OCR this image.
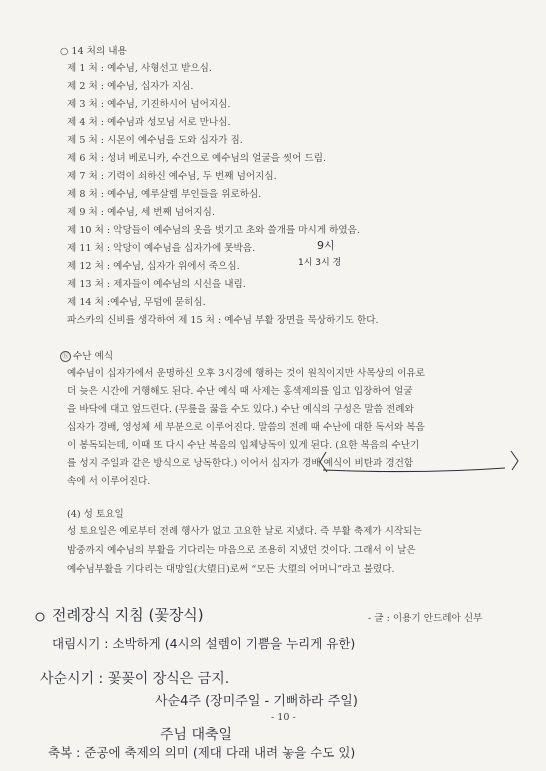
○ 14 처의 내용
제 1 처 : 예수님, 사형선고 받으심.
제 2 처 : 예수님, 십자가 지심.
제 3 처 : 예수님, 기진하시어 넘어지심.
제 4 처 : 예수님과 성모님 서로 만나심.
제 5 처 : 시몬이 예수님을 도와 십자가 짐.
제 6 처 : 성녀 베로니카, 수건으로 예수님의 얼굴을 씻어 드림.
제 7 처 : 기력이 쇠하신 예수님, 두 번째 넘어지심.
제 8 처 : 예수님, 예루살렘 부인들을 위로하심.
제 9 처 : 예수님, 세 번째 넘어지심.
제 10 처 : 악당들이 예수님의 옷을 벗기고 초와 쓸개를 마시게 하였음.
제 11 처 : 악당이 예수님을 십자가에 못박음.
제 12 처 : 예수님, 십자가 위에서 죽으심.
제 13 처 : 제자들이 예수님의 시신을 내림.
제 14 처 :예수님, 무덤에 묻히심.
파스카의 신비를 생각하여 제 15 처 : 예수님 부활 장면을 묵상하기도 한다.
ⓑ 수난 예식
예수님이 십자가에서 운명하신 오후 3시경에 행하는 것이 원칙이지만 사목상의 이유로
더 늦은 시간에 거행해도 된다. 수난 예식 때 사제는 홍색제의를 입고 입장하여 얼굴
을 바닥에 대고 엎드린다. (무릎을 꿇을 수도 있다.) 수난 예식의 구성은 말씀 전례와
십자가 경배, 영성체 세 부분으로 이루어진다. 말씀의 전례 때 수난에 대한 독서와 복음
이 봉독되는데, 이때 또 다시 수난 복음의 입체낭독이 있게 된다. (요한 복음의 수난기
를 성지 주일과 같은 방식으로 낭독한다.) 이어서 십자가 경배 예식이 비탄과 경건함
속에 서 이루어진다.
(4) 성 토요일
성 토요일은 예로부터 전례 행사가 없고 고요한 날로 지냈다. 즉 부활 축제가 시작되는
밤중까지 예수님의 부활을 기다리는 마음으로 조용히 지냈던 것이다. 그래서 이 날은
예수님부활을 기다리는 대망일(大望日)로써 “모든 大望의 어머니”라고 불렸다.
- 글 : 이용기 안드레아 신부
- 10 -
9시
1시 3시 경
전례장식 지침 (꽃장식)
대림시기 : 소박하게 (4시의 설렘이 기쁨을 누리게 유한)
사순시기 : 꽃꽂이 장식은 금지.
사순4주 (장미주일 - 기뻐하라 주일)
주님 대축일
축복 : 준공에 축제의 의미 (제대 다래 내려 놓을 수도 있)
